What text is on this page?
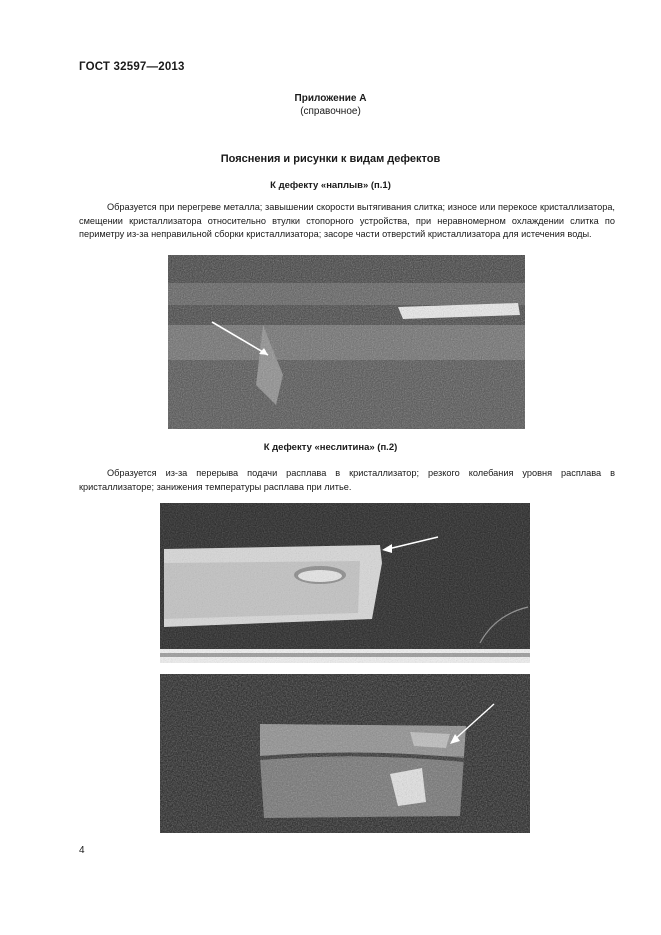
ГОСТ 32597—2013
Приложение А
(справочное)
Пояснения и рисунки к видам дефектов
К дефекту «наплыв» (п.1)
Образуется при перегреве металла; завышении скорости вытягивания слитка; износе или перекосе кристаллизатора, смещении кристаллизатора относительно втулки стопорного устройства, при неравномерном охлаждении слитка по периметру из-за неправильной сборки кристаллизатора; засоре части отверстий кристаллизатора для истечения воды.
К дефекту «неслитина» (п.2)
Образуется из-за перерыва подачи расплава в кристаллизатор; резкого колебания уровня расплава в кристаллизаторе; занижения температуры расплава при литье.
4
